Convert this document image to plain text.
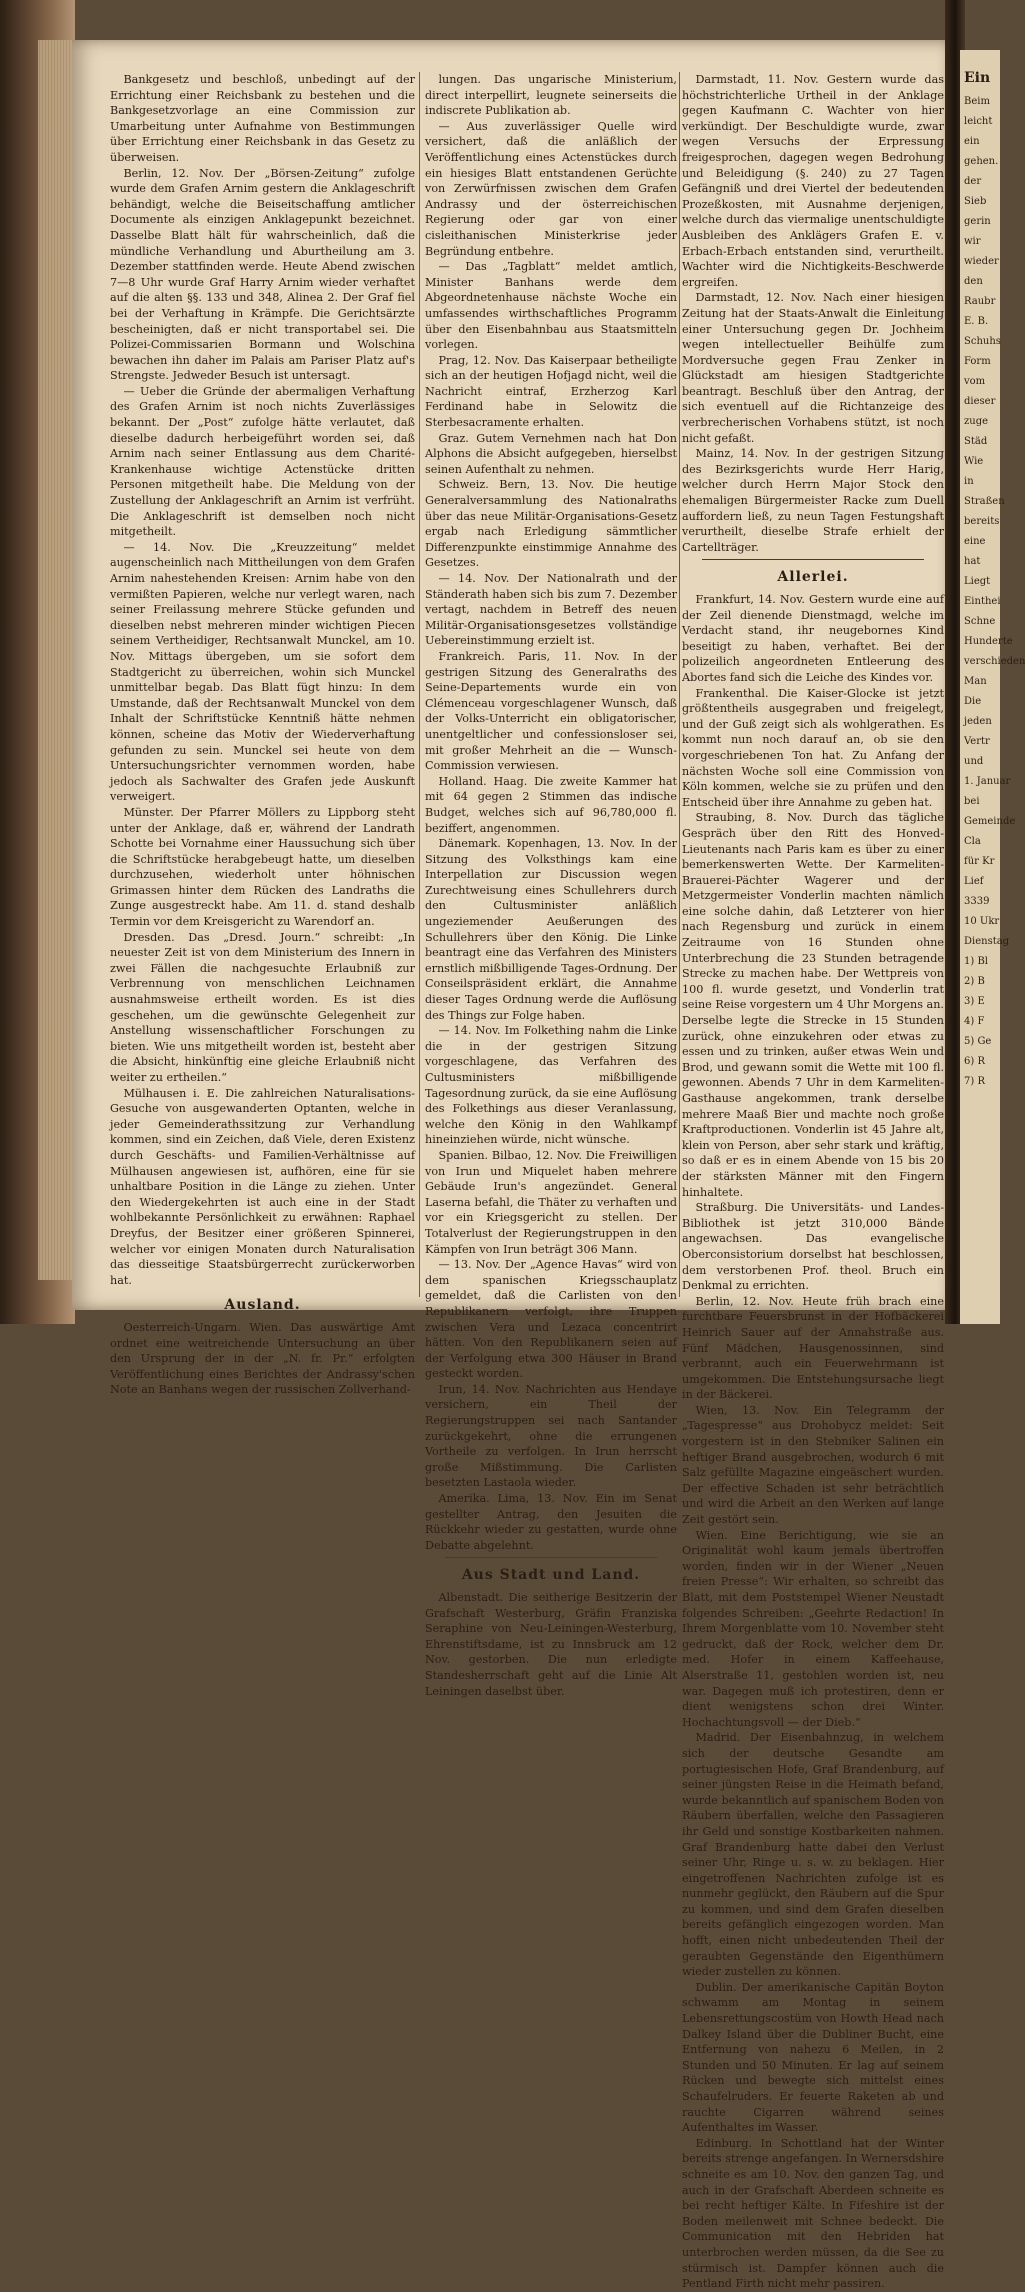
Ein
Beim
leicht
ein
gehen.
der
Sieb
gerin
wir
wieder
den
Raubr
E. B.
Schuhs
Form
vom
dieser
zuge
Städ
Wie
in
Straßen
bereits
eine
hat
Liegt
Einthei
Schne
Hunderte
verschieden
Man
Die
jeden
Vertr
und
1. Januar
bei
Gemeinde
Cla
für Kr
Lief
3339
10 Ukr
Dienstag
1) Bl
2) B
3) E
4) F
5) Ge
6) R
7) R

Bankgesetz und beschloß, unbedingt auf der Errichtung einer Reichsbank zu bestehen und die Bankgesetzvorlage an eine Commission zur Umarbeitung unter Aufnahme von Bestimmungen über Errichtung einer Reichsbank in das Gesetz zu überweisen.

Berlin, 12. Nov. Der „Börsen-Zeitung“ zufolge wurde dem Grafen Arnim gestern die Anklageschrift behändigt, welche die Beiseitschaffung amtlicher Documente als einzigen Anklagepunkt bezeichnet. Dasselbe Blatt hält für wahrscheinlich, daß die mündliche Verhandlung und Aburtheilung am 3. Dezember stattfinden werde. Heute Abend zwischen 7—8 Uhr wurde Graf Harry Arnim wieder verhaftet auf die alten §§. 133 und 348, Alinea 2. Der Graf fiel bei der Verhaftung in Krämpfe. Die Gerichtsärzte bescheinigten, daß er nicht transportabel sei. Die Polizei-Commissarien Bormann und Wolschina bewachen ihn daher im Palais am Pariser Platz auf's Strengste. Jedweder Besuch ist untersagt.

— Ueber die Gründe der abermaligen Verhaftung des Grafen Arnim ist noch nichts Zuverlässiges bekannt. Der „Post“ zufolge hätte verlautet, daß dieselbe dadurch herbeigeführt worden sei, daß Arnim nach seiner Entlassung aus dem Charité-Krankenhause wichtige Actenstücke dritten Personen mitgetheilt habe. Die Meldung von der Zustellung der Anklageschrift an Arnim ist verfrüht. Die Anklageschrift ist demselben noch nicht mitgetheilt.

— 14. Nov. Die „Kreuzzeitung“ meldet augenscheinlich nach Mittheilungen von dem Grafen Arnim nahestehenden Kreisen: Arnim habe von den vermißten Papieren, welche nur verlegt waren, nach seiner Freilassung mehrere Stücke gefunden und dieselben nebst mehreren minder wichtigen Piecen seinem Vertheidiger, Rechtsanwalt Munckel, am 10. Nov. Mittags übergeben, um sie sofort dem Stadtgericht zu überreichen, wohin sich Munckel unmittelbar begab. Das Blatt fügt hinzu: In dem Umstande, daß der Rechtsanwalt Munckel von dem Inhalt der Schriftstücke Kenntniß hätte nehmen können, scheine das Motiv der Wiederverhaftung gefunden zu sein. Munckel sei heute von dem Untersuchungsrichter vernommen worden, habe jedoch als Sachwalter des Grafen jede Auskunft verweigert.

Münster. Der Pfarrer Möllers zu Lippborg steht unter der Anklage, daß er, während der Landrath Schotte bei Vornahme einer Haussuchung sich über die Schriftstücke herabgebeugt hatte, um dieselben durchzusehen, wiederholt unter höhnischen Grimassen hinter dem Rücken des Landraths die Zunge ausgestreckt habe. Am 11. d. stand deshalb Termin vor dem Kreisgericht zu Warendorf an.

Dresden. Das „Dresd. Journ.“ schreibt: „In neuester Zeit ist von dem Ministerium des Innern in zwei Fällen die nachgesuchte Erlaubniß zur Verbrennung von menschlichen Leichnamen ausnahmsweise ertheilt worden. Es ist dies geschehen, um die gewünschte Gelegenheit zur Anstellung wissenschaftlicher Forschungen zu bieten. Wie uns mitgetheilt worden ist, besteht aber die Absicht, hinkünftig eine gleiche Erlaubniß nicht weiter zu ertheilen.“

Mülhausen i. E. Die zahlreichen Naturalisations-Gesuche von ausgewanderten Optanten, welche in jeder Gemeinderathssitzung zur Verhandlung kommen, sind ein Zeichen, daß Viele, deren Existenz durch Geschäfts- und Familien-Verhältnisse auf Mülhausen angewiesen ist, aufhören, eine für sie unhaltbare Position in die Länge zu ziehen. Unter den Wiedergekehrten ist auch eine in der Stadt wohlbekannte Persönlichkeit zu erwähnen: Raphael Dreyfus, der Besitzer einer größeren Spinnerei, welcher vor einigen Monaten durch Naturalisation das diesseitige Staatsbürgerrecht zurückerworben hat.

Ausland.

Oesterreich-Ungarn. Wien. Das auswärtige Amt ordnet eine weitreichende Untersuchung an über den Ursprung der in der „N. fr. Pr.“ erfolgten Veröffentlichung eines Berichtes der Andrassy'schen Note an Banhans wegen der russischen Zollverhand-

lungen. Das ungarische Ministerium, direct interpellirt, leugnete seinerseits die indiscrete Publikation ab.

— Aus zuverlässiger Quelle wird versichert, daß die anläßlich der Veröffentlichung eines Actenstückes durch ein hiesiges Blatt entstandenen Gerüchte von Zerwürfnissen zwischen dem Grafen Andrassy und der österreichischen Regierung oder gar von einer cisleithanischen Ministerkrise jeder Begründung entbehre.

— Das „Tagblatt“ meldet amtlich, Minister Banhans werde dem Abgeordnetenhause nächste Woche ein umfassendes wirthschaftliches Programm über den Eisenbahnbau aus Staatsmitteln vorlegen.

Prag, 12. Nov. Das Kaiserpaar betheiligte sich an der heutigen Hofjagd nicht, weil die Nachricht eintraf, Erzherzog Karl Ferdinand habe in Selowitz die Sterbesacramente erhalten.

Graz. Gutem Vernehmen nach hat Don Alphons die Absicht aufgegeben, hierselbst seinen Aufenthalt zu nehmen.

Schweiz. Bern, 13. Nov. Die heutige Generalversammlung des Nationalraths über das neue Militär-Organisations-Gesetz ergab nach Erledigung sämmtlicher Differenzpunkte einstimmige Annahme des Gesetzes.

— 14. Nov. Der Nationalrath und der Ständerath haben sich bis zum 7. Dezember vertagt, nachdem in Betreff des neuen Militär-Organisationsgesetzes vollständige Uebereinstimmung erzielt ist.

Frankreich. Paris, 11. Nov. In der gestrigen Sitzung des Generalraths des Seine-Departements wurde ein von Clémenceau vorgeschlagener Wunsch, daß der Volks-Unterricht ein obligatorischer, unentgeltlicher und confessionsloser sei, mit großer Mehrheit an die — Wunsch-Commission verwiesen.

Holland. Haag. Die zweite Kammer hat mit 64 gegen 2 Stimmen das indische Budget, welches sich auf 96,780,000 fl. beziffert, angenommen.

Dänemark. Kopenhagen, 13. Nov. In der Sitzung des Volksthings kam eine Interpellation zur Discussion wegen Zurechtweisung eines Schullehrers durch den Cultusminister anläßlich ungeziemender Aeußerungen des Schullehrers über den König. Die Linke beantragt eine das Verfahren des Ministers ernstlich mißbilligende Tages-Ordnung. Der Conseilspräsident erklärt, die Annahme dieser Tages Ordnung werde die Auflösung des Things zur Folge haben.

— 14. Nov. Im Folkething nahm die Linke die in der gestrigen Sitzung vorgeschlagene, das Verfahren des Cultusministers mißbilligende Tagesordnung zurück, da sie eine Auflösung des Folkethings aus dieser Veranlassung, welche den König in den Wahlkampf hineinziehen würde, nicht wünsche.

Spanien. Bilbao, 12. Nov. Die Freiwilligen von Irun und Miquelet haben mehrere Gebäude Irun's angezündet. General Laserna befahl, die Thäter zu verhaften und vor ein Kriegsgericht zu stellen. Der Totalverlust der Regierungstruppen in den Kämpfen von Irun beträgt 306 Mann.

— 13. Nov. Der „Agence Havas“ wird von dem spanischen Kriegsschauplatz gemeldet, daß die Carlisten von den Republikanern verfolgt, ihre Truppen zwischen Vera und Lezaca concentrirt hätten. Von den Republikanern seien auf der Verfolgung etwa 300 Häuser in Brand gesteckt worden.

Irun, 14. Nov. Nachrichten aus Hendaye versichern, ein Theil der Regierungstruppen sei nach Santander zurückgekehrt, ohne die errungenen Vortheile zu verfolgen. In Irun herrscht große Mißstimmung. Die Carlisten besetzten Lastaola wieder.

Amerika. Lima, 13. Nov. Ein im Senat gestellter Antrag, den Jesuiten die Rückkehr wieder zu gestatten, wurde ohne Debatte abgelehnt.

Aus Stadt und Land.

Albenstadt. Die seitherige Besitzerin der Grafschaft Westerburg, Gräfin Franziska Seraphine von Neu-Leiningen-Westerburg, Ehrenstiftsdame, ist zu Innsbruck am 12 Nov. gestorben. Die nun erledigte Standesherrschaft geht auf die Linie Alt Leiningen daselbst über.

Darmstadt, 11. Nov. Gestern wurde das höchstrichterliche Urtheil in der Anklage gegen Kaufmann C. Wachter von hier verkündigt. Der Beschuldigte wurde, zwar wegen Versuchs der Erpressung freigesprochen, dagegen wegen Bedrohung und Beleidigung (§. 240) zu 27 Tagen Gefängniß und drei Viertel der bedeutenden Prozeßkosten, mit Ausnahme derjenigen, welche durch das viermalige unentschuldigte Ausbleiben des Anklägers Grafen E. v. Erbach-Erbach entstanden sind, verurtheilt. Wachter wird die Nichtigkeits-Beschwerde ergreifen.

Darmstadt, 12. Nov. Nach einer hiesigen Zeitung hat der Staats-Anwalt die Einleitung einer Untersuchung gegen Dr. Jochheim wegen intellectueller Beihülfe zum Mordversuche gegen Frau Zenker in Glückstadt am hiesigen Stadtgerichte beantragt. Beschluß über den Antrag, der sich eventuell auf die Richtanzeige des verbrecherischen Vorhabens stützt, ist noch nicht gefaßt.

Mainz, 14. Nov. In der gestrigen Sitzung des Bezirksgerichts wurde Herr Harig, welcher durch Herrn Major Stock den ehemaligen Bürgermeister Racke zum Duell auffordern ließ, zu neun Tagen Festungshaft verurtheilt, dieselbe Strafe erhielt der Cartellträger.

Allerlei.

Frankfurt, 14. Nov. Gestern wurde eine auf der Zeil dienende Dienstmagd, welche im Verdacht stand, ihr neugebornes Kind beseitigt zu haben, verhaftet. Bei der polizeilich angeordneten Entleerung des Abortes fand sich die Leiche des Kindes vor.

Frankenthal. Die Kaiser-Glocke ist jetzt größtentheils ausgegraben und freigelegt, und der Guß zeigt sich als wohlgerathen. Es kommt nun noch darauf an, ob sie den vorgeschriebenen Ton hat. Zu Anfang der nächsten Woche soll eine Commission von Köln kommen, welche sie zu prüfen und den Entscheid über ihre Annahme zu geben hat.

Straubing, 8. Nov. Durch das tägliche Gespräch über den Ritt des Honved-Lieutenants nach Paris kam es über zu einer bemerkenswerten Wette. Der Karmeliten-Brauerei-Pächter Wagerer und der Metzgermeister Vonderlin machten nämlich eine solche dahin, daß Letzterer von hier nach Regensburg und zurück in einem Zeitraume von 16 Stunden ohne Unterbrechung die 23 Stunden betragende Strecke zu machen habe. Der Wettpreis von 100 fl. wurde gesetzt, und Vonderlin trat seine Reise vorgestern um 4 Uhr Morgens an. Derselbe legte die Strecke in 15 Stunden zurück, ohne einzukehren oder etwas zu essen und zu trinken, außer etwas Wein und Brod, und gewann somit die Wette mit 100 fl. gewonnen. Abends 7 Uhr in dem Karmeliten-Gasthause angekommen, trank derselbe mehrere Maaß Bier und machte noch große Kraftproductionen. Vonderlin ist 45 Jahre alt, klein von Person, aber sehr stark und kräftig, so daß er es in einem Abende von 15 bis 20 der stärksten Männer mit den Fingern hinhaltete.

Straßburg. Die Universitäts- und Landes-Bibliothek ist jetzt 310,000 Bände angewachsen. Das evangelische Oberconsistorium dorselbst hat beschlossen, dem verstorbenen Prof. theol. Bruch ein Denkmal zu errichten.

Berlin, 12. Nov. Heute früh brach eine furchtbare Feuersbrunst in der Hofbäckerei Heinrich Sauer auf der Annahstraße aus. Fünf Mädchen, Hausgenossinnen, sind verbrannt, auch ein Feuerwehrmann ist umgekommen. Die Entstehungsursache liegt in der Bäckerei.

Wien, 13. Nov. Ein Telegramm der „Tagespresse“ aus Drohobycz meldet: Seit vorgestern ist in den Stebniker Salinen ein heftiger Brand ausgebrochen, wodurch 6 mit Salz gefüllte Magazine eingeäschert wurden. Der effective Schaden ist sehr beträchtlich und wird die Arbeit an den Werken auf lange Zeit gestört sein.

Wien. Eine Berichtigung, wie sie an Originalität wohl kaum jemals übertroffen worden, finden wir in der Wiener „Neuen freien Presse“: Wir erhalten, so schreibt das Blatt, mit dem Poststempel Wiener Neustadt folgendes Schreiben: „Geehrte Redaction! In Ihrem Morgenblatte vom 10. November steht gedruckt, daß der Rock, welcher dem Dr. med. Hofer in einem Kaffeehause, Alserstraße 11, gestohlen worden ist, neu war. Dagegen muß ich protestiren, denn er dient wenigstens schon drei Winter. Hochachtungsvoll — der Dieb.“

Madrid. Der Eisenbahnzug, in welchem sich der deutsche Gesandte am portugiesischen Hofe, Graf Brandenburg, auf seiner jüngsten Reise in die Heimath befand, wurde bekanntlich auf spanischem Boden von Räubern überfallen, welche den Passagieren ihr Geld und sonstige Kostbarkeiten nahmen. Graf Brandenburg hatte dabei den Verlust seiner Uhr, Ringe u. s. w. zu beklagen. Hier eingetroffenen Nachrichten zufolge ist es nunmehr geglückt, den Räubern auf die Spur zu kommen, und sind dem Grafen dieselben bereits gefänglich eingezogen worden. Man hofft, einen nicht unbedeutenden Theil der geraubten Gegenstände den Eigenthümern wieder zustellen zu können.

Dublin. Der amerikanische Capitän Boyton schwamm am Montag in seinem Lebensrettungscostüm von Howth Head nach Dalkey Island über die Dubliner Bucht, eine Entfernung von nahezu 6 Meilen, in 2 Stunden und 50 Minuten. Er lag auf seinem Rücken und bewegte sich mittelst eines Schaufelruders. Er feuerte Raketen ab und rauchte Cigarren während seines Aufenthaltes im Wasser.

Edinburg. In Schottland hat der Winter bereits strenge angefangen. In Wernersdshire schneite es am 10. Nov. den ganzen Tag, und auch in der Grafschaft Aberdeen schneite es bei recht heftiger Kälte. In Fifeshire ist der Boden meilenweit mit Schnee bedeckt. Die Communication mit den Hebriden hat unterbrochen werden müssen, da die See zu stürmisch ist. Dampfer können auch die Pentland Firth nicht mehr passiren.
